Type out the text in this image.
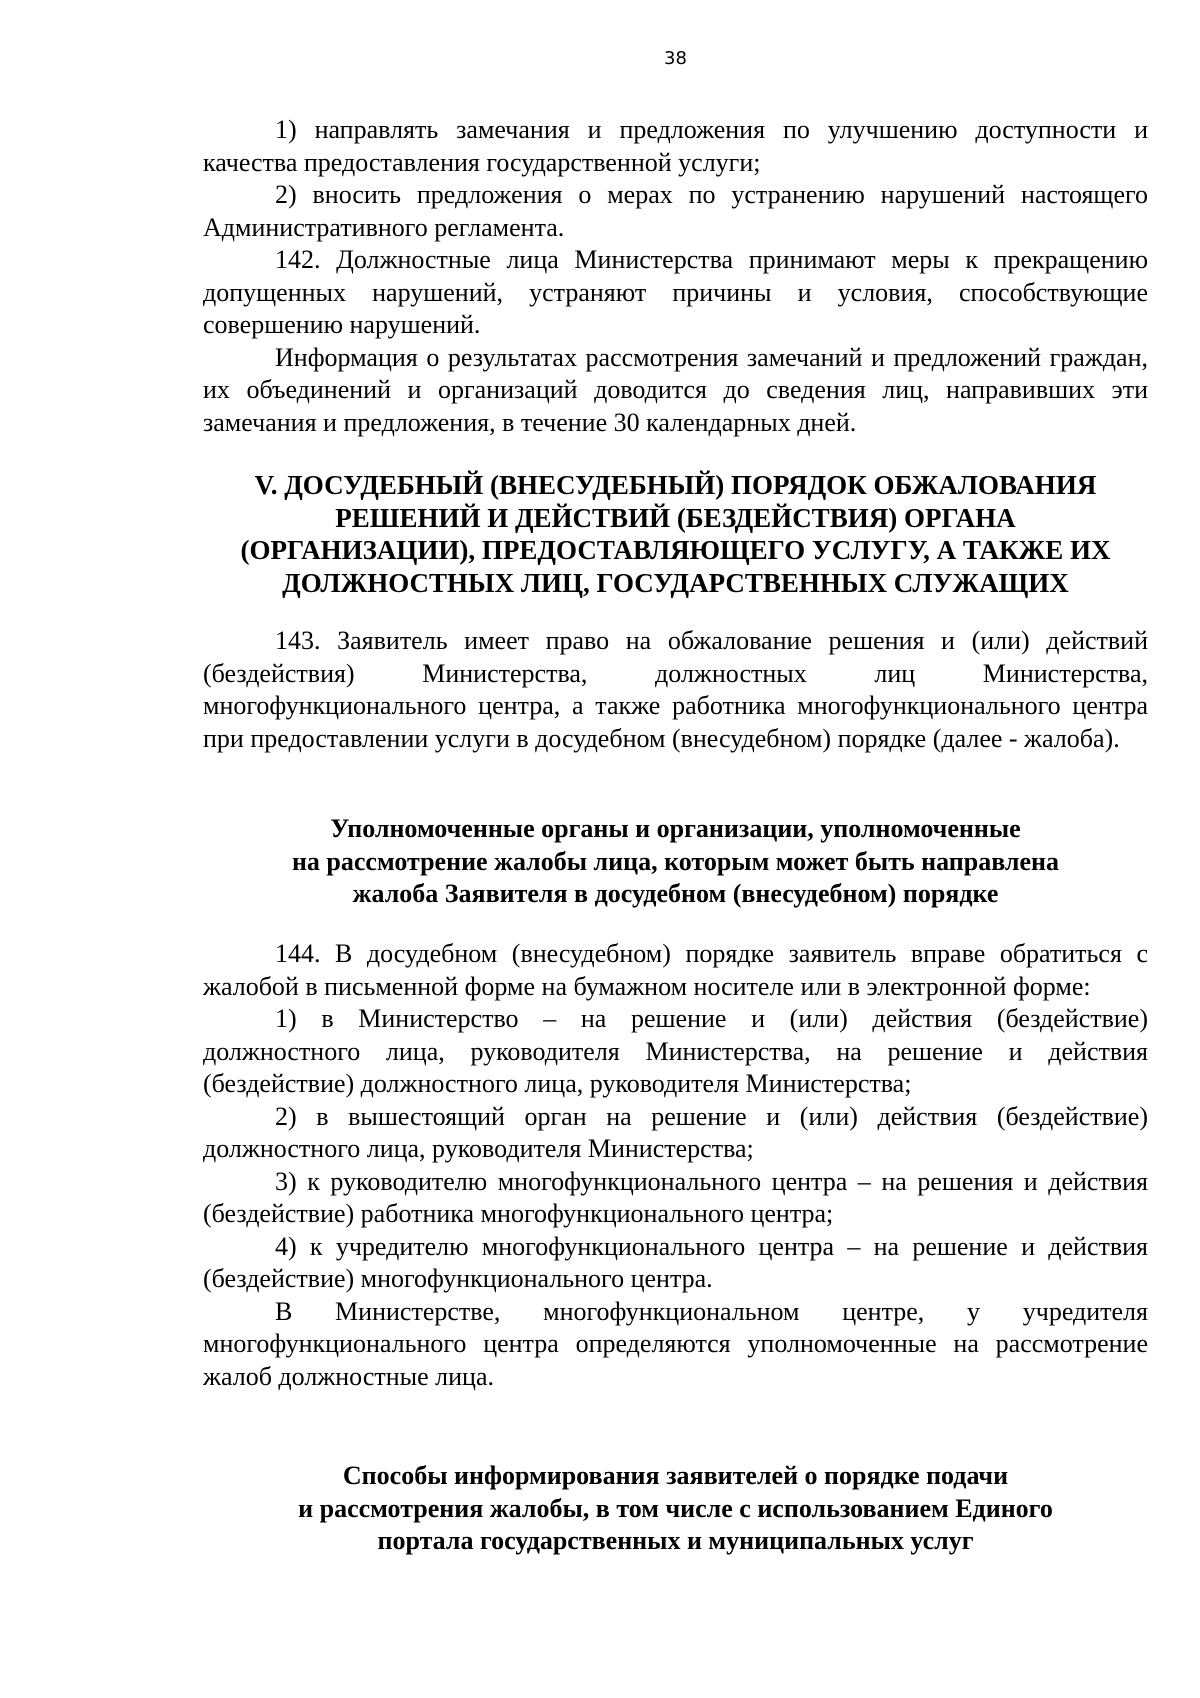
38

1) направлять замечания и предложения по улучшению доступности и качества предоставления государственной услуги;

2) вносить предложения о мерах по устранению нарушений настоящего Административного регламента.

142. Должностные лица Министерства принимают меры к прекращению допущенных нарушений, устраняют причины и условия, способствующие совершению нарушений.

Информация о результатах рассмотрения замечаний и предложений граждан, их объединений и организаций доводится до сведения лиц, направивших эти замечания и предложения, в течение 30 календарных дней.

V. ДОСУДЕБНЫЙ (ВНЕСУДЕБНЫЙ) ПОРЯДОК ОБЖАЛОВАНИЯ
РЕШЕНИЙ И ДЕЙСТВИЙ (БЕЗДЕЙСТВИЯ) ОРГАНА
(ОРГАНИЗАЦИИ), ПРЕДОСТАВЛЯЮЩЕГО УСЛУГУ, А ТАКЖЕ ИХ
ДОЛЖНОСТНЫХ ЛИЦ, ГОСУДАРСТВЕННЫХ СЛУЖАЩИХ

143. Заявитель имеет право на обжалование решения и (или) действий (бездействия) Министерства, должностных лиц Министерства, многофункционального центра, а также работника многофункционального центра при предоставлении услуги в досудебном (внесудебном) порядке (далее - жалоба).

Уполномоченные органы и организации, уполномоченные
на рассмотрение жалобы лица, которым может быть направлена
жалоба Заявителя в досудебном (внесудебном) порядке

144. В досудебном (внесудебном) порядке заявитель вправе обратиться с жалобой в письменной форме на бумажном носителе или в электронной форме:

1) в Министерство – на решение и (или) действия (бездействие) должностного лица, руководителя Министерства, на решение и действия (бездействие) должностного лица, руководителя Министерства;

2) в вышестоящий орган на решение и (или) действия (бездействие) должностного лица, руководителя Министерства;

3) к руководителю многофункционального центра – на решения и действия (бездействие) работника многофункционального центра;

4) к учредителю многофункционального центра – на решение и действия (бездействие) многофункционального центра.

В Министерстве, многофункциональном центре, у учредителя многофункционального центра определяются уполномоченные на рассмотрение жалоб должностные лица.

Способы информирования заявителей о порядке подачи
и рассмотрения жалобы, в том числе с использованием Единого
портала государственных и муниципальных услуг
